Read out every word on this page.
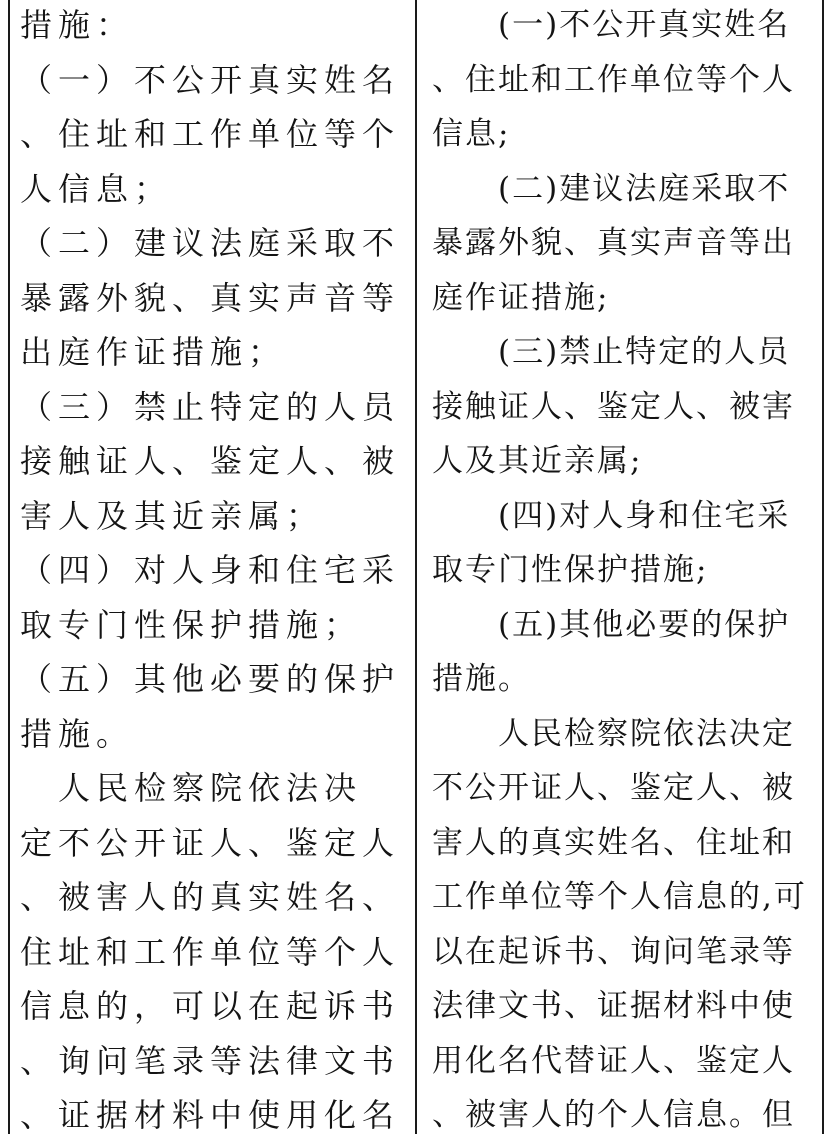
措施：
（一）不公开真实姓名
、住址和工作单位等个
人信息；
（二）建议法庭采取不
暴露外貌、真实声音等
出庭作证措施；
（三）禁止特定的人员
接触证人、鉴定人、被
害人及其近亲属；
（四）对人身和住宅采
取专门性保护措施；
（五）其他必要的保护
措施。
　人民检察院依法决
定不公开证人、鉴定人
、被害人的真实姓名、
住址和工作单位等个人
信息的，可以在起诉书
、询问笔录等法律文书
、证据材料中使用化名
　　(一)不公开真实姓名
、住址和工作单位等个人
信息;
　　(二)建议法庭采取不
暴露外貌、真实声音等出
庭作证措施;
　　(三)禁止特定的人员
接触证人、鉴定人、被害
人及其近亲属;
　　(四)对人身和住宅采
取专门性保护措施;
　　(五)其他必要的保护
措施。
　　人民检察院依法决定
不公开证人、鉴定人、被
害人的真实姓名、住址和
工作单位等个人信息的,可
以在起诉书、询问笔录等
法律文书、证据材料中使
用化名代替证人、鉴定人
、被害人的个人信息。但
